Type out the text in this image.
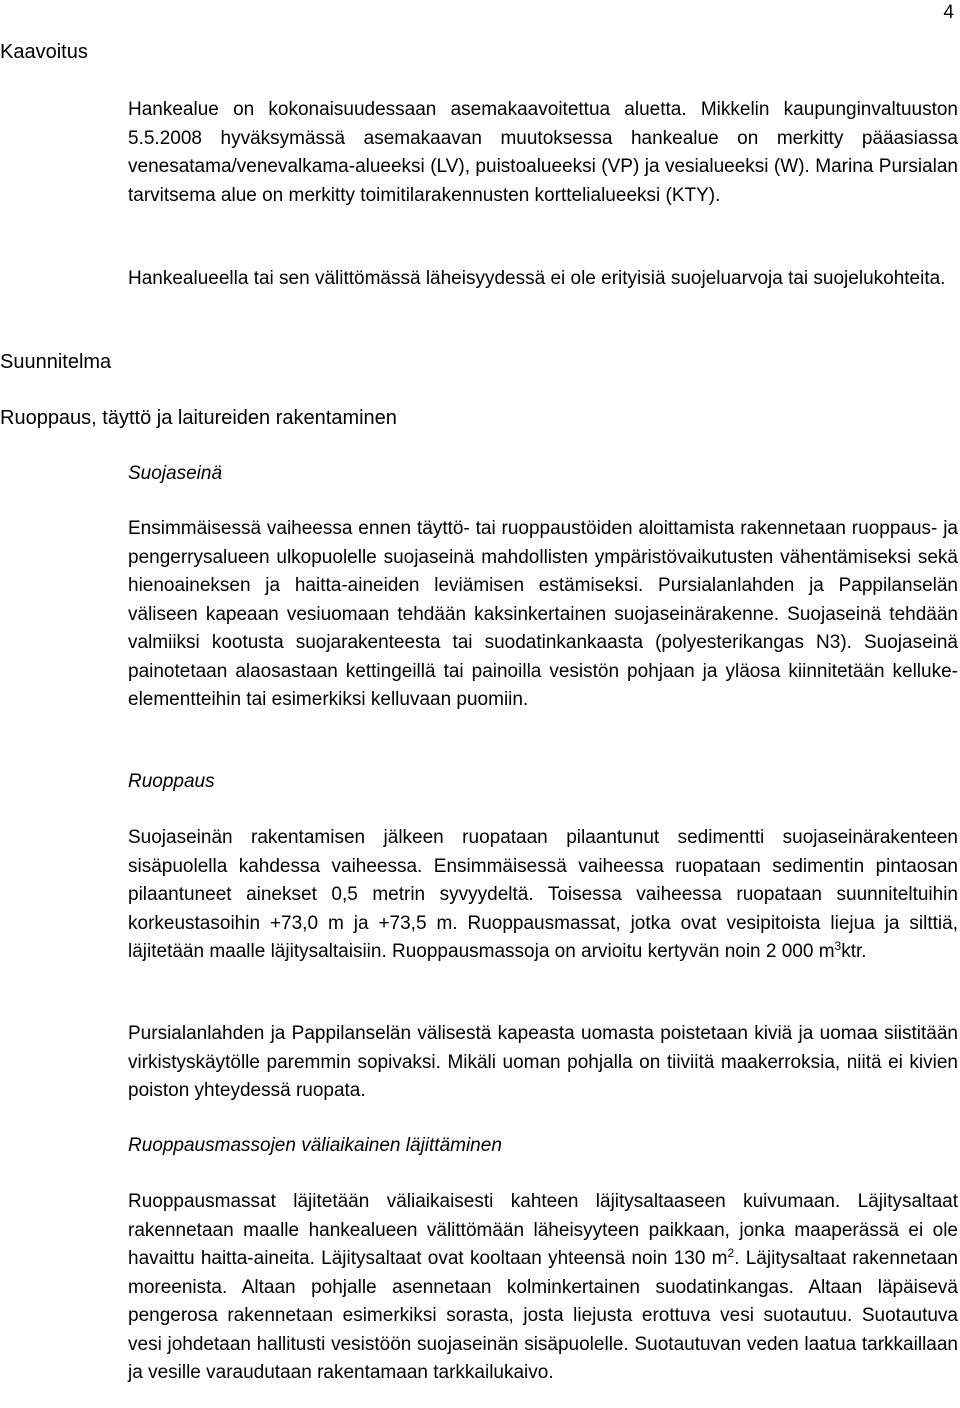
4
Kaavoitus

Hankealue on kokonaisuudessaan asemakaavoitettua aluetta. Mikkelin kaupunginvaltuuston 5.5.2008 hyväksymässä asemakaavan muutoksessa hankealue on merkitty pääasiassa venesatama/venevalkama-alueeksi (LV), puistoalueeksi (VP) ja vesialueeksi (W). Marina Pursialan tarvitsema alue on merkitty toimitilarakennusten korttelialueeksi (KTY).

Hankealueella tai sen välittömässä läheisyydessä ei ole erityisiä suojeluarvoja tai suojelukohteita.

Suunnitelma
Ruoppaus, täyttö ja laitureiden rakentaminen
Suojaseinä

Ensimmäisessä vaiheessa ennen täyttö- tai ruoppaustöiden aloittamista rakennetaan ruoppaus- ja pengerrysalueen ulkopuolelle suojaseinä mahdollisten ympäristövaikutusten vähentämiseksi sekä hienoaineksen ja haitta-aineiden leviämisen estämiseksi. Pursialanlahden ja Pappilanselän väliseen kapeaan vesiuomaan tehdään kaksinkertainen suojaseinärakenne. Suojaseinä tehdään valmiiksi kootusta suojarakenteesta tai suodatinkankaasta (polyesterikangas N3). Suojaseinä painotetaan alaosastaan kettingeillä tai painoilla vesistön pohjaan ja yläosa kiinnitetään kelluke-elementteihin tai esimerkiksi kelluvaan puomiin.

Ruoppaus

Suojaseinän rakentamisen jälkeen ruopataan pilaantunut sedimentti suojaseinärakenteen sisäpuolella kahdessa vaiheessa. Ensimmäisessä vaiheessa ruopataan sedimentin pintaosan pilaantuneet ainekset 0,5 metrin syvyydeltä. Toisessa vaiheessa ruopataan suunniteltuihin korkeustasoihin +73,0 m ja +73,5 m. Ruoppausmassat, jotka ovat vesipitoista liejua ja silttiä, läjitetään maalle läjitysaltaisiin. Ruoppausmassoja on arvioitu kertyvän noin 2 000 $m^3ktr$.

Pursialanlahden ja Pappilanselän välisestä kapeasta uomasta poistetaan kiviä ja uomaa siistitään virkistyskäytölle paremmin sopivaksi. Mikäli uoman pohjalla on tiiviitä maakerroksia, niitä ei kivien poiston yhteydessä ruopata.

Ruoppausmassojen väliaikainen läjittäminen

Ruoppausmassat läjitetään väliaikaisesti kahteen läjitysaltaaseen kuivumaan. Läjitysaltaat rakennetaan maalle hankealueen välittömään läheisyyteen paikkaan, jonka maaperässä ei ole havaittu haitta-aineita. Läjitysaltaat ovat kooltaan yhteensä noin 130 $m^2$. Läjitysaltaat rakennetaan moreenista. Altaan pohjalle asennetaan kolminkertainen suodatinkangas. Altaan läpäisevä pengerosa rakennetaan esimerkiksi sorasta, josta liejusta erottuva vesi suotautuu. Suotautuva vesi johdetaan hallitusti vesistöön suojaseinän sisäpuolelle. Suotautuvan veden laatua tarkkaillaan ja vesille varaudutaan rakentamaan tarkkailukaivo.
